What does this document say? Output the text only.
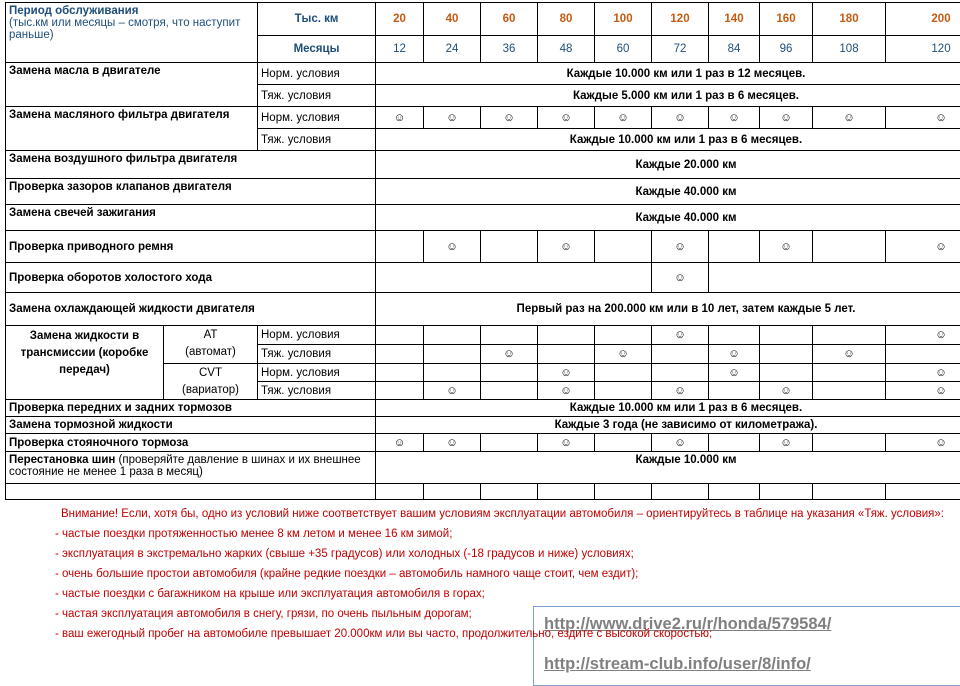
Период обслуживания
(тыс.км или месяцы – смотря, что наступит раньше)		Тыс. км	20	40	60	80	100	120	140	160	180	200
		Месяцы	12	24	36	48	60	72	84	96	108	120
Замена масла в двигателе		Норм. условия	Каждые 10.000 км или 1 раз в 12 месяцев.									
		Тяж. условия	Каждые 5.000 км или 1 раз в 6 месяцев.									
Замена масляного фильтра двигателя		Норм. условия	☺	☺	☺	☺	☺	☺	☺	☺	☺	☺
		Тяж. условия	Каждые 10.000 км или 1 раз в 6 месяцев.									
Замена воздушного фильтра двигателя			Каждые 20.000 км									
Проверка зазоров клапанов двигателя			Каждые 40.000 км									
Замена свечей зажигания			Каждые 40.000 км									
Проверка приводного ремня				☺		☺		☺		☺		☺
Проверка оборотов холостого хода								☺				
Замена охлаждающей жидкости двигателя			Первый раз на 200.000 км или в 10 лет, затем каждые 5 лет.									
Замена жидкости в трансмиссии (коробке передач)	AT
(автомат)	Норм. условия						☺				☺
		Тяж. условия			☺		☺		☺		☺	

	CVT
(вариатор)	Норм. условия				☺			☺			☺
		Тяж. условия		☺		☺		☺		☺		☺
Проверка передних и задних тормозов			Каждые 10.000 км или 1 раз в 6 месяцев.									
Замена тормозной жидкости			Каждые 3 года (не зависимо от километража).									
Проверка стояночного тормоза			☺	☺		☺		☺		☺		☺
Перестановка шин (проверяйте давление в шинах и их внешнее состояние не менее 1 раза в месяц)			Каждые 10.000 км									

Внимание! Если, хотя бы, одно из условий ниже соответствует вашим условиям эксплуатации автомобиля – ориентируйтесь в таблице на указания «Тяж. условия»:
- частые поездки протяженностью менее 8 км летом и менее 16 км зимой;
- эксплуатация в экстремально жарких (свыше +35 градусов) или холодных (-18 градусов и ниже) условиях;
- очень большие простои автомобиля (крайне редкие поездки – автомобиль намного чаще стоит, чем ездит);
- частые поездки с багажником на крыше или эксплуатация автомобиля в горах;
- частая эксплуатация автомобиля в снегу, грязи, по очень пыльным дорогам;
- ваш ежегодный пробег на автомобиле превышает 20.000км или вы часто, продолжительно, ездите с высокой скоростью;
http://www.drive2.ru/r/honda/579584/
http://stream-club.info/user/8/info/
